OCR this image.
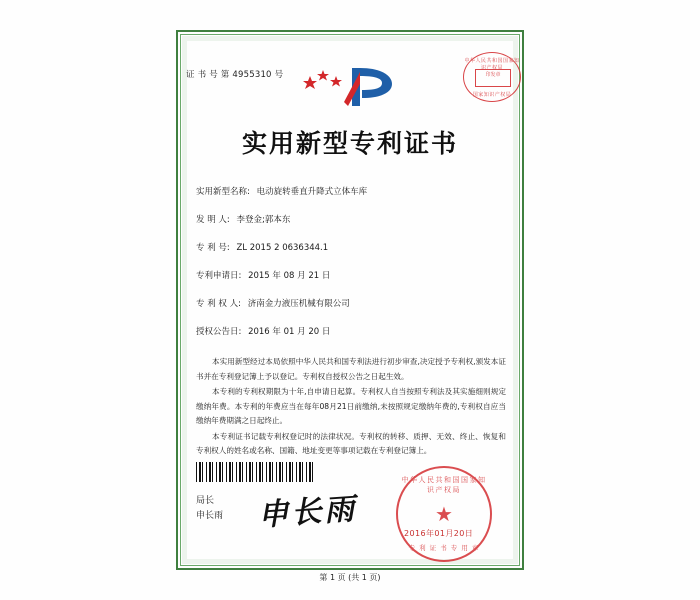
证 书 号 第 4955310 号
中华人民共和国国家知识产权局
印发章
国家知识产权局
实用新型专利证书
实用新型名称: 电动旋转垂直升降式立体车库
发 明 人: 李登金;郭本东
专 利 号: ZL 2015 2 0636344.1
专利申请日: 2015 年 08 月 21 日
专 利 权 人: 济南金力液压机械有限公司
授权公告日: 2016 年 01 月 20 日

本实用新型经过本局依照中华人民共和国专利法进行初步审查,决定授予专利权,颁发本证书并在专利登记簿上予以登记。专利权自授权公告之日起生效。

本专利的专利权期限为十年,自申请日起算。专利权人自当按照专利法及其实施细则规定缴纳年费。本专利的年费应当在每年08月21日前缴纳,未按照规定缴纳年费的,专利权自应当缴纳年费期满之日起终止。

本专利证书记载专利权登记时的法律状况。专利权的转移、质押、无效、终止、恢复和专利权人的姓名或名称、国籍、地址变更等事项记载在专利登记簿上。

局长
申长雨 申长雨
中华人民共和国国家知识产权局
★
专 利 证 书 专 用 章
2016年01月20日
第 1 页 (共 1 页)
